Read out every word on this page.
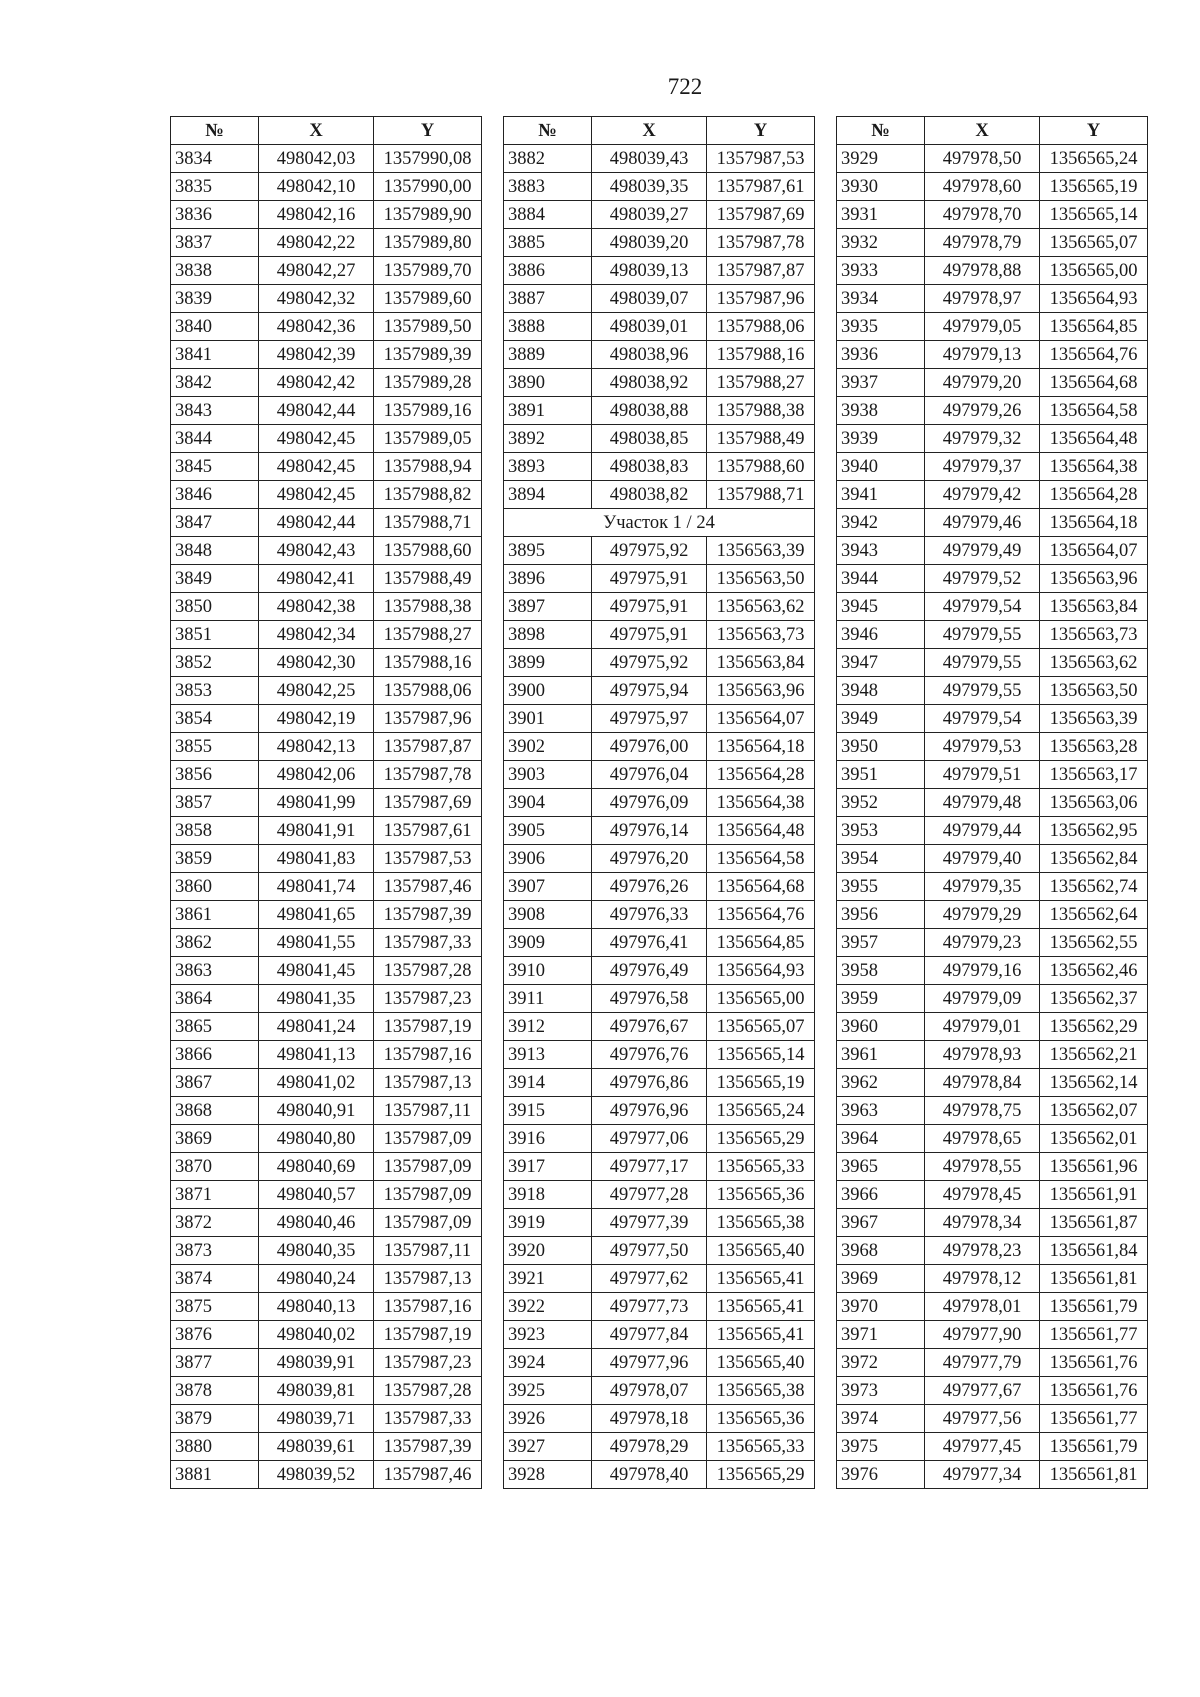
722
№	X	Y
3834	498042,03	1357990,08
3835	498042,10	1357990,00
3836	498042,16	1357989,90
3837	498042,22	1357989,80
3838	498042,27	1357989,70
3839	498042,32	1357989,60
3840	498042,36	1357989,50
3841	498042,39	1357989,39
3842	498042,42	1357989,28
3843	498042,44	1357989,16
3844	498042,45	1357989,05
3845	498042,45	1357988,94
3846	498042,45	1357988,82
3847	498042,44	1357988,71
3848	498042,43	1357988,60
3849	498042,41	1357988,49
3850	498042,38	1357988,38
3851	498042,34	1357988,27
3852	498042,30	1357988,16
3853	498042,25	1357988,06
3854	498042,19	1357987,96
3855	498042,13	1357987,87
3856	498042,06	1357987,78
3857	498041,99	1357987,69
3858	498041,91	1357987,61
3859	498041,83	1357987,53
3860	498041,74	1357987,46
3861	498041,65	1357987,39
3862	498041,55	1357987,33
3863	498041,45	1357987,28
3864	498041,35	1357987,23
3865	498041,24	1357987,19
3866	498041,13	1357987,16
3867	498041,02	1357987,13
3868	498040,91	1357987,11
3869	498040,80	1357987,09
3870	498040,69	1357987,09
3871	498040,57	1357987,09
3872	498040,46	1357987,09
3873	498040,35	1357987,11
3874	498040,24	1357987,13
3875	498040,13	1357987,16
3876	498040,02	1357987,19
3877	498039,91	1357987,23
3878	498039,81	1357987,28
3879	498039,71	1357987,33
3880	498039,61	1357987,39
3881	498039,52	1357987,46
№	X	Y
3882	498039,43	1357987,53
3883	498039,35	1357987,61
3884	498039,27	1357987,69
3885	498039,20	1357987,78
3886	498039,13	1357987,87
3887	498039,07	1357987,96
3888	498039,01	1357988,06
3889	498038,96	1357988,16
3890	498038,92	1357988,27
3891	498038,88	1357988,38
3892	498038,85	1357988,49
3893	498038,83	1357988,60
3894	498038,82	1357988,71
Участок 1 / 24		
3895	497975,92	1356563,39
3896	497975,91	1356563,50
3897	497975,91	1356563,62
3898	497975,91	1356563,73
3899	497975,92	1356563,84
3900	497975,94	1356563,96
3901	497975,97	1356564,07
3902	497976,00	1356564,18
3903	497976,04	1356564,28
3904	497976,09	1356564,38
3905	497976,14	1356564,48
3906	497976,20	1356564,58
3907	497976,26	1356564,68
3908	497976,33	1356564,76
3909	497976,41	1356564,85
3910	497976,49	1356564,93
3911	497976,58	1356565,00
3912	497976,67	1356565,07
3913	497976,76	1356565,14
3914	497976,86	1356565,19
3915	497976,96	1356565,24
3916	497977,06	1356565,29
3917	497977,17	1356565,33
3918	497977,28	1356565,36
3919	497977,39	1356565,38
3920	497977,50	1356565,40
3921	497977,62	1356565,41
3922	497977,73	1356565,41
3923	497977,84	1356565,41
3924	497977,96	1356565,40
3925	497978,07	1356565,38
3926	497978,18	1356565,36
3927	497978,29	1356565,33
3928	497978,40	1356565,29
№	X	Y
3929	497978,50	1356565,24
3930	497978,60	1356565,19
3931	497978,70	1356565,14
3932	497978,79	1356565,07
3933	497978,88	1356565,00
3934	497978,97	1356564,93
3935	497979,05	1356564,85
3936	497979,13	1356564,76
3937	497979,20	1356564,68
3938	497979,26	1356564,58
3939	497979,32	1356564,48
3940	497979,37	1356564,38
3941	497979,42	1356564,28
3942	497979,46	1356564,18
3943	497979,49	1356564,07
3944	497979,52	1356563,96
3945	497979,54	1356563,84
3946	497979,55	1356563,73
3947	497979,55	1356563,62
3948	497979,55	1356563,50
3949	497979,54	1356563,39
3950	497979,53	1356563,28
3951	497979,51	1356563,17
3952	497979,48	1356563,06
3953	497979,44	1356562,95
3954	497979,40	1356562,84
3955	497979,35	1356562,74
3956	497979,29	1356562,64
3957	497979,23	1356562,55
3958	497979,16	1356562,46
3959	497979,09	1356562,37
3960	497979,01	1356562,29
3961	497978,93	1356562,21
3962	497978,84	1356562,14
3963	497978,75	1356562,07
3964	497978,65	1356562,01
3965	497978,55	1356561,96
3966	497978,45	1356561,91
3967	497978,34	1356561,87
3968	497978,23	1356561,84
3969	497978,12	1356561,81
3970	497978,01	1356561,79
3971	497977,90	1356561,77
3972	497977,79	1356561,76
3973	497977,67	1356561,76
3974	497977,56	1356561,77
3975	497977,45	1356561,79
3976	497977,34	1356561,81
